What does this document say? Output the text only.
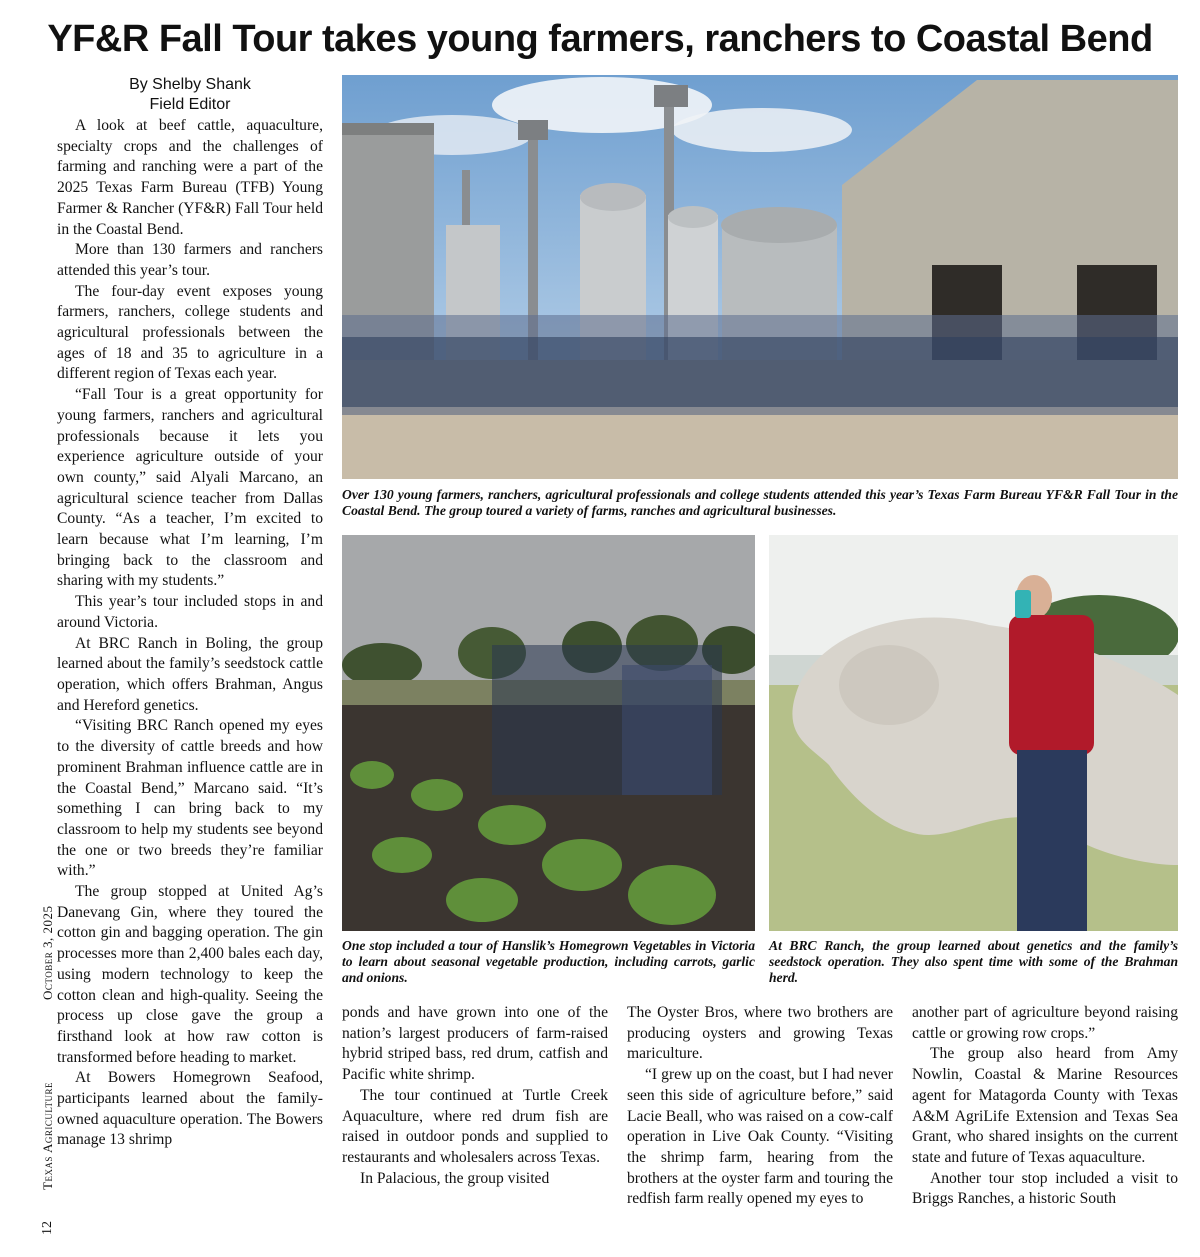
YF&R Fall Tour takes young farmers, ranchers to Coastal Bend
By Shelby Shank
Field Editor

A look at beef cattle, aquaculture, specialty crops and the challenges of farming and ranching were a part of the 2025 Texas Farm Bureau (TFB) Young Farmer & Rancher (YF&R) Fall Tour held in the Coastal Bend.

More than 130 farmers and ranchers attended this year’s tour.

The four-day event exposes young farmers, ranchers, college students and agricultural professionals between the ages of 18 and 35 to agriculture in a different region of Texas each year.

“Fall Tour is a great opportunity for young farmers, ranchers and agricultural professionals because it lets you experience agriculture outside of your own county,” said Alyali Marcano, an agricultural science teacher from Dallas County. “As a teacher, I’m excited to learn because what I’m learning, I’m bringing back to the classroom and sharing with my students.”

This year’s tour included stops in and around Victoria.

At BRC Ranch in Boling, the group learned about the family’s seedstock cattle operation, which offers Brahman, Angus and Hereford genetics.

“Visiting BRC Ranch opened my eyes to the diversity of cattle breeds and how prominent Brahman influence cattle are in the Coastal Bend,” Marcano said. “It’s something I can bring back to my classroom to help my students see beyond the one or two breeds they’re familiar with.”

The group stopped at United Ag’s Danevang Gin, where they toured the cotton gin and bagging operation. The gin processes more than 2,400 bales each day, using modern technology to keep the cotton clean and high-quality. Seeing the process up close gave the group a firsthand look at how raw cotton is transformed before heading to market.

At Bowers Homegrown Seafood, participants learned about the family-owned aquaculture operation. The Bowers manage 13 shrimp

Over 130 young farmers, ranchers, agricultural professionals and college students attended this year’s Texas Farm Bureau YF&R Fall Tour in the Coastal Bend. The group toured a variety of farms, ranches and agricultural businesses.

One stop included a tour of Hanslik’s Homegrown Vegetables in Victoria to learn about seasonal vegetable production, including carrots, garlic and onions.

At BRC Ranch, the group learned about genetics and the family’s seedstock operation. They also spent time with some of the Brahman herd.

ponds and have grown into one of the nation’s largest producers of farm-raised hybrid striped bass, red drum, catfish and Pacific white shrimp.

The tour continued at Turtle Creek Aquaculture, where red drum fish are raised in outdoor ponds and supplied to restaurants and wholesalers across Texas.

In Palacious, the group visited

The Oyster Bros, where two brothers are producing oysters and growing Texas mariculture.

“I grew up on the coast, but I had never seen this side of agriculture before,” said Lacie Beall, who was raised on a cow-calf operation in Live Oak County. “Visiting the shrimp farm, hearing from the brothers at the oyster farm and touring the redfish farm really opened my eyes to

another part of agriculture beyond raising cattle or growing row crops.”

The group also heard from Amy Nowlin, Coastal & Marine Resources agent for Matagorda County with Texas A&M AgriLife Extension and Texas Sea Grant, who shared insights on the current state and future of Texas aquaculture.

Another tour stop included a visit to Briggs Ranches, a historic South

October 3, 2025
Texas Agriculture
12
